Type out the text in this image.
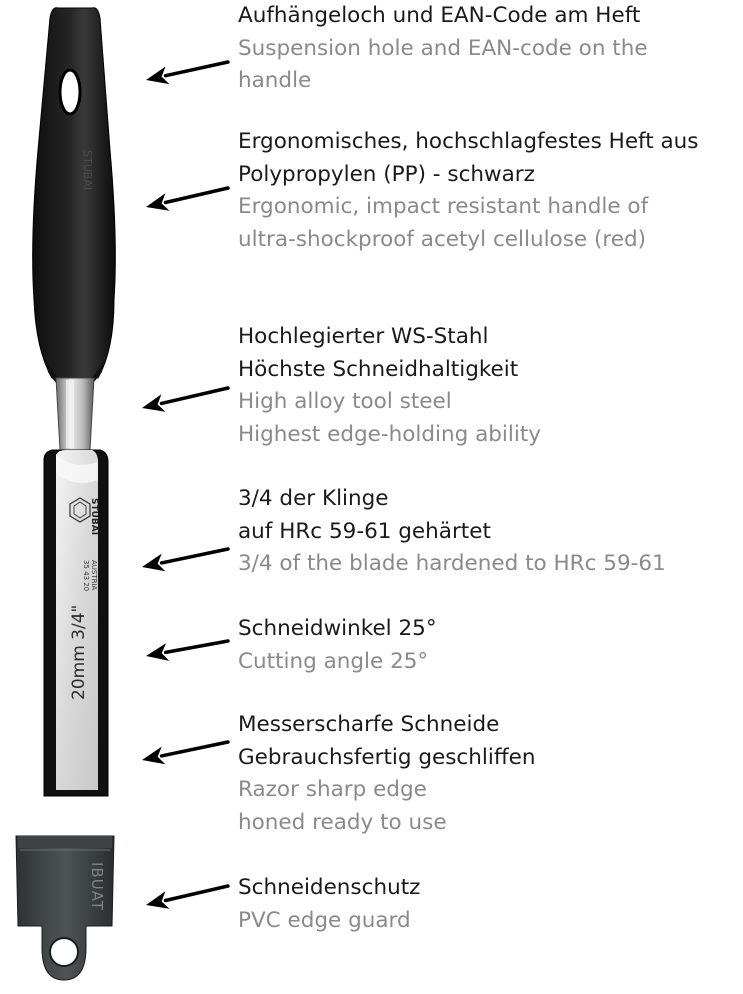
STUBAI
STUBAI
35 43 20 AUSTRIA
20mm 3/4"
IBUAT
Aufhängeloch und EAN-Code am Heft
Suspension hole and EAN-code on the
handle
Ergonomisches, hochschlagfestes Heft aus
Polypropylen (PP) - schwarz
Ergonomic, impact resistant handle of
ultra-shockproof acetyl cellulose (red)
Hochlegierter WS-Stahl
Höchste Schneidhaltigkeit
High alloy tool steel
Highest edge-holding ability
3/4 der Klinge
auf HRc 59-61 gehärtet
3/4 of the blade hardened to HRc 59-61
Schneidwinkel 25°
Cutting angle 25°
Messerscharfe Schneide
Gebrauchsfertig geschliffen
Razor sharp edge
honed ready to use
Schneidenschutz
PVC edge guard
